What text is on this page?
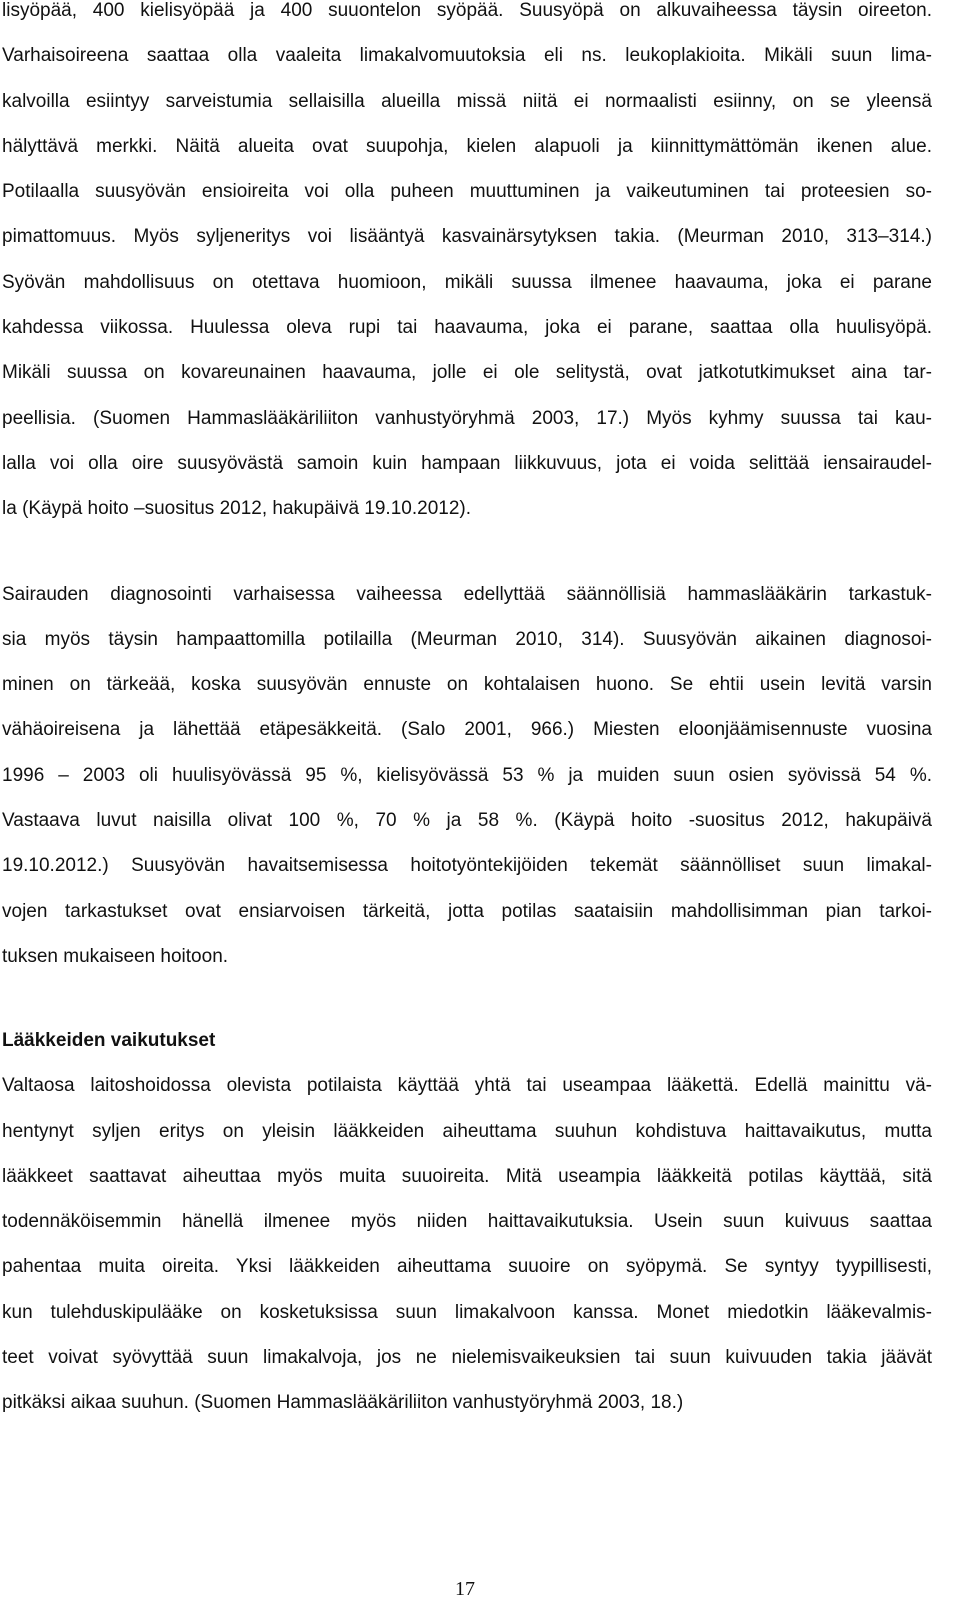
lisyöpää, 400 kielisyöpää ja 400 suuontelon syöpää. Suusyöpä on alkuvaiheessa täysin oireeton.
Varhaisoireena saattaa olla vaaleita limakalvomuutoksia eli ns. leukoplakioita. Mikäli suun lima-
kalvoilla esiintyy sarveistumia sellaisilla alueilla missä niitä ei normaalisti esiinny, on se yleensä
hälyttävä merkki. Näitä alueita ovat suupohja, kielen alapuoli ja kiinnittymättömän ikenen alue.
Potilaalla suusyövän ensioireita voi olla puheen muuttuminen ja vaikeutuminen tai proteesien so-
pimattomuus. Myös syljeneritys voi lisääntyä kasvainärsytyksen takia. (Meurman 2010, 313–314.)
Syövän mahdollisuus on otettava huomioon, mikäli suussa ilmenee haavauma, joka ei parane
kahdessa viikossa. Huulessa oleva rupi tai haavauma, joka ei parane, saattaa olla huulisyöpä.
Mikäli suussa on kovareunainen haavauma, jolle ei ole selitystä, ovat jatkotutkimukset aina tar-
peellisia. (Suomen Hammaslääkäriliiton vanhustyöryhmä 2003, 17.) Myös kyhmy suussa tai kau-
lalla voi olla oire suusyövästä samoin kuin hampaan liikkuvuus, jota ei voida selittää iensairaudel-
la (Käypä hoito –suositus 2012, hakupäivä 19.10.2012).
Sairauden diagnosointi varhaisessa vaiheessa edellyttää säännöllisiä hammaslääkärin tarkastuk-
sia myös täysin hampaattomilla potilailla (Meurman 2010, 314). Suusyövän aikainen diagnosoi-
minen on tärkeää, koska suusyövän ennuste on kohtalaisen huono. Se ehtii usein levitä varsin
vähäoireisena ja lähettää etäpesäkkeitä. (Salo 2001, 966.) Miesten eloonjäämisennuste vuosina
1996 – 2003 oli huulisyövässä 95 %, kielisyövässä 53 % ja muiden suun osien syövissä 54 %.
Vastaava luvut naisilla olivat 100 %, 70 % ja 58 %. (Käypä hoito -suositus 2012, hakupäivä
19.10.2012.) Suusyövän havaitsemisessa hoitotyöntekijöiden tekemät säännölliset suun limakal-
vojen tarkastukset ovat ensiarvoisen tärkeitä, jotta potilas saataisiin mahdollisimman pian tarkoi-
tuksen mukaiseen hoitoon.
Lääkkeiden vaikutukset
Valtaosa laitoshoidossa olevista potilaista käyttää yhtä tai useampaa lääkettä. Edellä mainittu vä-
hentynyt syljen eritys on yleisin lääkkeiden aiheuttama suuhun kohdistuva haittavaikutus, mutta
lääkkeet saattavat aiheuttaa myös muita suuoireita. Mitä useampia lääkkeitä potilas käyttää, sitä
todennäköisemmin hänellä ilmenee myös niiden haittavaikutuksia. Usein suun kuivuus saattaa
pahentaa muita oireita. Yksi lääkkeiden aiheuttama suuoire on syöpymä. Se syntyy tyypillisesti,
kun tulehduskipulääke on kosketuksissa suun limakalvoon kanssa. Monet miedotkin lääkevalmis-
teet voivat syövyttää suun limakalvoja, jos ne nielemisvaikeuksien tai suun kuivuuden takia jäävät
pitkäksi aikaa suuhun. (Suomen Hammaslääkäriliiton vanhustyöryhmä 2003, 18.)
17
